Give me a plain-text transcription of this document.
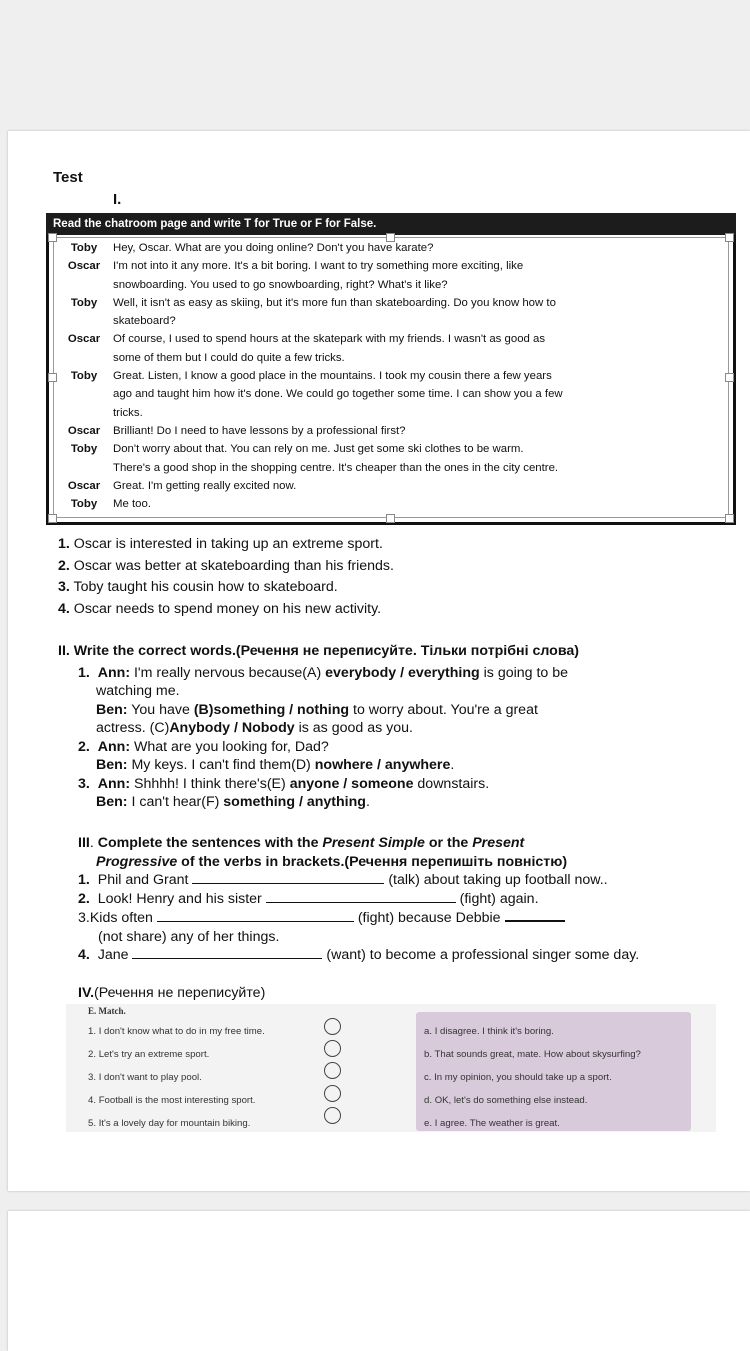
Test
I.
Read the chatroom page and write T for True or F for False.
Toby	Hey, Oscar. What are you doing online? Don't you have karate?
Oscar	I'm not into it any more. It's a bit boring. I want to try something more exciting, like
snowboarding. You used to go snowboarding, right? What's it like?
Toby	Well, it isn't as easy as skiing, but it's more fun than skateboarding. Do you know how to
skateboard?
Oscar	Of course, I used to spend hours at the skatepark with my friends. I wasn't as good as
some of them but I could do quite a few tricks.
Toby	Great. Listen, I know a good place in the mountains. I took my cousin there a few years
ago and taught him how it's done. We could go together some time. I can show you a few
tricks.
Oscar	Brilliant! Do I need to have lessons by a professional first?
Toby	Don't worry about that. You can rely on me. Just get some ski clothes to be warm.
There's a good shop in the shopping centre. It's cheaper than the ones in the city centre.
Oscar	Great. I'm getting really excited now.
Toby	Me too.
1. Oscar is interested in taking up an extreme sport.
2. Oscar was better at skateboarding than his friends.
3. Toby taught his cousin how to skateboard.
4. Oscar needs to spend money on his new activity.
II. Write the correct words.(Речення не переписуйте. Тільки потрібні слова)
1. Ann: I'm really nervous because(A) everybody / everything is going to be
watching me.
Ben: You have (B)something / nothing to worry about. You're a great
actress. (C)Anybody / Nobody is as good as you.
2. Ann: What are you looking for, Dad?
Ben: My keys. I can't find them(D) nowhere / anywhere.
3. Ann: Shhhh! I think there's(E) anyone / someone downstairs.
Ben: I can't hear(F) something / anything.
III. Complete the sentences with the Present Simple or the Present
Progressive of the verbs in brackets.(Речення перепишіть повністю)
1. Phil and Grant	(talk) about taking up football now..
2. Look! Henry and his sister	(fight) again.
3.Kids often	(fight) because Debbie
(not share) any of her things.
4. Jane	(want) to become a professional singer some day.
IV.(Речення не переписуйте)
E. Match.
1. I don't know what to do in my free time.
2. Let's try an extreme sport.
3. I don't want to play pool.
4. Football is the most interesting sport.
5. It's a lovely day for mountain biking.
a. I disagree. I think it's boring.
b. That sounds great, mate. How about skysurfing?
c. In my opinion, you should take up a sport.
d. OK, let's do something else instead.
e. I agree. The weather is great.
